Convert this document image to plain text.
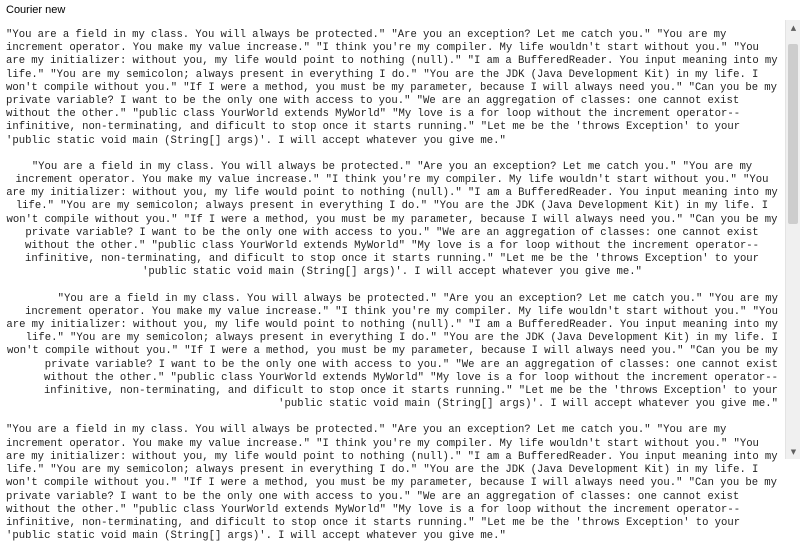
Courier new

"You are a field in my class. You will always be protected." "Are you an exception? Let me catch you." "You are my increment operator. You make my value increase." "I think you're my compiler. My life wouldn't start without you." "You are my initializer: without you, my life would point to nothing (null)." "I am a BufferedReader. You input meaning into my life." "You are my semicolon; always present in everything I do." "You are the JDK (Java Development Kit) in my life. I won't compile without you." "If I were a method, you must be my parameter, because I will always need you." "Can you be my private variable? I want to be the only one with access to you." "We are an aggregation of classes: one cannot exist without the other." "public class YourWorld extends MyWorld" "My love is a for loop without the increment operator-- infinitive, non-terminating, and dificult to stop once it starts running." "Let me be the 'throws Exception' to your 'public static void main (String[] args)'. I will accept whatever you give me."

"You are a field in my class. You will always be protected." "Are you an exception? Let me catch you." "You are my increment operator. You make my value increase." "I think you're my compiler. My life wouldn't start without you." "You are my initializer: without you, my life would point to nothing (null)." "I am a BufferedReader. You input meaning into my life." "You are my semicolon; always present in everything I do." "You are the JDK (Java Development Kit) in my life. I won't compile without you." "If I were a method, you must be my parameter, because I will always need you." "Can you be my private variable? I want to be the only one with access to you." "We are an aggregation of classes: one cannot exist without the other." "public class YourWorld extends MyWorld" "My love is a for loop without the increment operator-- infinitive, non-terminating, and dificult to stop once it starts running." "Let me be the 'throws Exception' to your 'public static void main (String[] args)'. I will accept whatever you give me."

"You are a field in my class. You will always be protected." "Are you an exception? Let me catch you." "You are my increment operator. You make my value increase." "I think you're my compiler. My life wouldn't start without you." "You are my initializer: without you, my life would point to nothing (null)." "I am a BufferedReader. You input meaning into my life." "You are my semicolon; always present in everything I do." "You are the JDK (Java Development Kit) in my life. I won't compile without you." "If I were a method, you must be my parameter, because I will always need you." "Can you be my private variable? I want to be the only one with access to you." "We are an aggregation of classes: one cannot exist without the other." "public class YourWorld extends MyWorld" "My love is a for loop without the increment operator-- infinitive, non-terminating, and dificult to stop once it starts running." "Let me be the 'throws Exception' to your 'public static void main (String[] args)'. I will accept whatever you give me."

"You are a field in my class. You will always be protected." "Are you an exception? Let me catch you." "You are my increment operator. You make my value increase." "I think you're my compiler. My life wouldn't start without you." "You are my initializer: without you, my life would point to nothing (null)." "I am a BufferedReader. You input meaning into my life." "You are my semicolon; always present in everything I do." "You are the JDK (Java Development Kit) in my life. I won't compile without you." "If I were a method, you must be my parameter, because I will always need you." "Can you be my private variable? I want to be the only one with access to you." "We are an aggregation of classes: one cannot exist without the other." "public class YourWorld extends MyWorld" "My love is a for loop without the increment operator-- infinitive, non-terminating, and dificult to stop once it starts running." "Let me be the 'throws Exception' to your 'public static void main (String[] args)'. I will accept whatever you give me."

▲
▼
